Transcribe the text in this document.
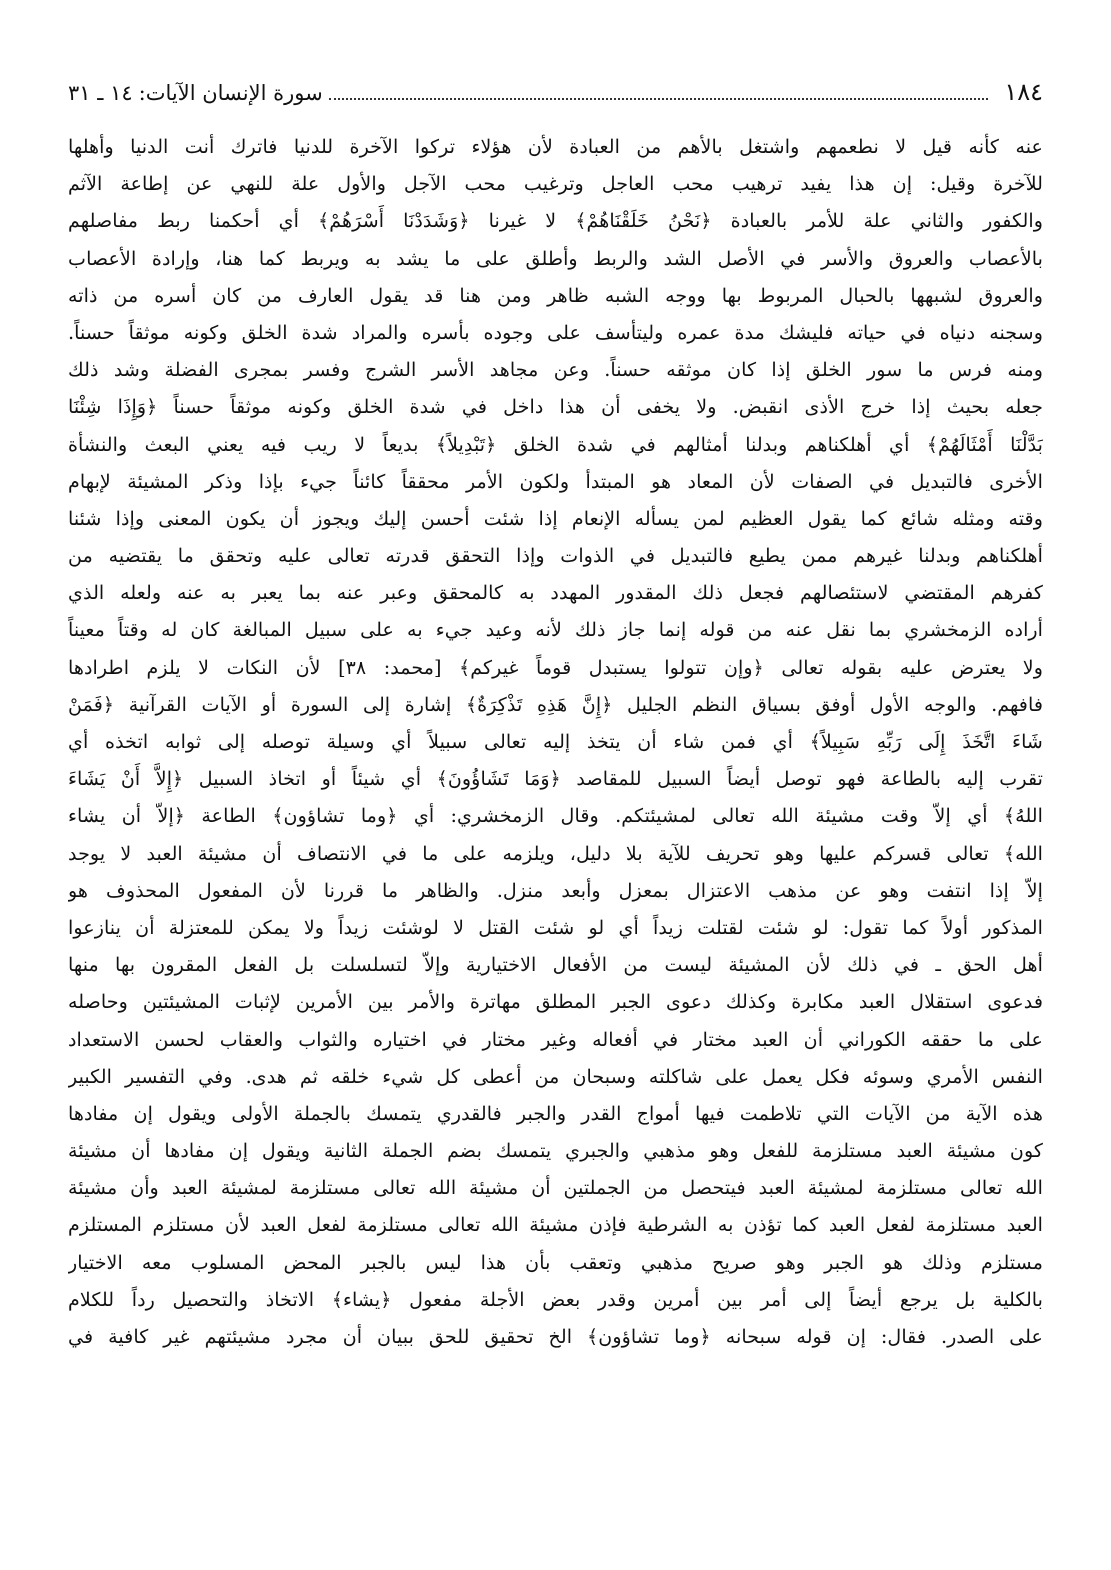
١٨٤
سورة الإنسان الآيات:
١٤ ـ ٣١
عنه كأنه قيل لا نطعمهم واشتغل بالأهم من العبادة لأن هؤلاء تركوا الآخرة للدنيا فاترك أنت الدنيا وأهلها
للآخرة وقيل: إن هذا يفيد ترهيب محب العاجل وترغيب محب الآجل والأول علة للنهي عن إطاعة الآثم
والكفور والثاني علة للأمر بالعبادة ﴿نَحْنُ خَلَقْنَاهُمْ﴾ لا غيرنا ﴿وَشَدَدْنَا أَسْرَهُمْ﴾ أي أحكمنا ربط مفاصلهم
بالأعصاب والعروق والأسر في الأصل الشد والربط وأطلق على ما يشد به ويربط كما هنا، وإرادة الأعصاب
والعروق لشبهها بالحبال المربوط بها ووجه الشبه ظاهر ومن هنا قد يقول العارف من كان أسره من ذاته
وسجنه دنياه في حياته فليشك مدة عمره وليتأسف على وجوده بأسره والمراد شدة الخلق وكونه موثقاً حسناً.
ومنه فرس ما سور الخلق إذا كان موثقه حسناً. وعن مجاهد الأسر الشرج وفسر بمجرى الفضلة وشد ذلك
جعله بحيث إذا خرج الأذى انقبض. ولا يخفى أن هذا داخل في شدة الخلق وكونه موثقاً حسناً ﴿وَإِذَا شِئْنَا
بَدَّلْنَا أَمْثَالَهُمْ﴾ أي أهلكناهم وبدلنا أمثالهم في شدة الخلق ﴿تَبْدِيلاً﴾ بديعاً لا ريب فيه يعني البعث والنشأة
الأخرى فالتبديل في الصفات لأن المعاد هو المبتدأ ولكون الأمر محققاً كائناً جيء بإذا وذكر المشيئة لإبهام
وقته ومثله شائع كما يقول العظيم لمن يسأله الإنعام إذا شئت أحسن إليك ويجوز أن يكون المعنى وإذا شئنا
أهلكناهم وبدلنا غيرهم ممن يطيع فالتبديل في الذوات وإذا التحقق قدرته تعالى عليه وتحقق ما يقتضيه من
كفرهم المقتضي لاستئصالهم فجعل ذلك المقدور المهدد به كالمحقق وعبر عنه بما يعبر به عنه ولعله الذي
أراده الزمخشري بما نقل عنه من قوله إنما جاز ذلك لأنه وعيد جيء به على سبيل المبالغة كان له وقتاً معيناً
ولا يعترض عليه بقوله تعالى ﴿وإن تتولوا يستبدل قوماً غيركم﴾ [محمد: ٣٨] لأن النكات لا يلزم اطرادها
فافهم. والوجه الأول أوفق بسياق النظم الجليل ﴿إِنَّ هَذِهِ تَذْكِرَةٌ﴾ إشارة إلى السورة أو الآيات القرآنية ﴿فَمَنْ
شَاءَ اتَّخَذَ إِلَى رَبِّهِ سَبِيلاً﴾ أي فمن شاء أن يتخذ إليه تعالى سبيلاً أي وسيلة توصله إلى ثوابه اتخذه أي
تقرب إليه بالطاعة فهو توصل أيضاً السبيل للمقاصد ﴿وَمَا تَشَاؤُونَ﴾ أي شيئاً أو اتخاذ السبيل ﴿إِلاَّ أَنْ يَشَاءَ
اللهُ﴾ أي إلاّ وقت مشيئة الله تعالى لمشيئتكم. وقال الزمخشري: أي ﴿وما تشاؤون﴾ الطاعة ﴿إلاّ أن يشاء
الله﴾ تعالى قسركم عليها وهو تحريف للآية بلا دليل، ويلزمه على ما في الانتصاف أن مشيئة العبد لا يوجد
إلاّ إذا انتفت وهو عن مذهب الاعتزال بمعزل وأبعد منزل. والظاهر ما قررنا لأن المفعول المحذوف هو
المذكور أولاً كما تقول: لو شئت لقتلت زيداً أي لو شئت القتل لا لوشئت زيداً ولا يمكن للمعتزلة أن ينازعوا
أهل الحق ـ في ذلك لأن المشيئة ليست من الأفعال الاختيارية وإلاّ لتسلسلت بل الفعل المقرون بها منها
فدعوى استقلال العبد مكابرة وكذلك دعوى الجبر المطلق مهاترة والأمر بين الأمرين لإثبات المشيئتين وحاصله
على ما حققه الكوراني أن العبد مختار في أفعاله وغير مختار في اختياره والثواب والعقاب لحسن الاستعداد
النفس الأمري وسوئه فكل يعمل على شاكلته وسبحان من أعطى كل شيء خلقه ثم هدى. وفي التفسير الكبير
هذه الآية من الآيات التي تلاطمت فيها أمواج القدر والجبر فالقدري يتمسك بالجملة الأولى ويقول إن مفادها
كون مشيئة العبد مستلزمة للفعل وهو مذهبي والجبري يتمسك بضم الجملة الثانية ويقول إن مفادها أن مشيئة
الله تعالى مستلزمة لمشيئة العبد فيتحصل من الجملتين أن مشيئة الله تعالى مستلزمة لمشيئة العبد وأن مشيئة
العبد مستلزمة لفعل العبد كما تؤذن به الشرطية فإذن مشيئة الله تعالى مستلزمة لفعل العبد لأن مستلزم المستلزم
مستلزم وذلك هو الجبر وهو صريح مذهبي وتعقب بأن هذا ليس بالجبر المحض المسلوب معه الاختيار
بالكلية بل يرجع أيضاً إلى أمر بين أمرين وقدر بعض الأجلة مفعول ﴿يشاء﴾ الاتخاذ والتحصيل رداً للكلام
على الصدر. فقال: إن قوله سبحانه ﴿وما تشاؤون﴾ الخ تحقيق للحق ببيان أن مجرد مشيئتهم غير كافية في
